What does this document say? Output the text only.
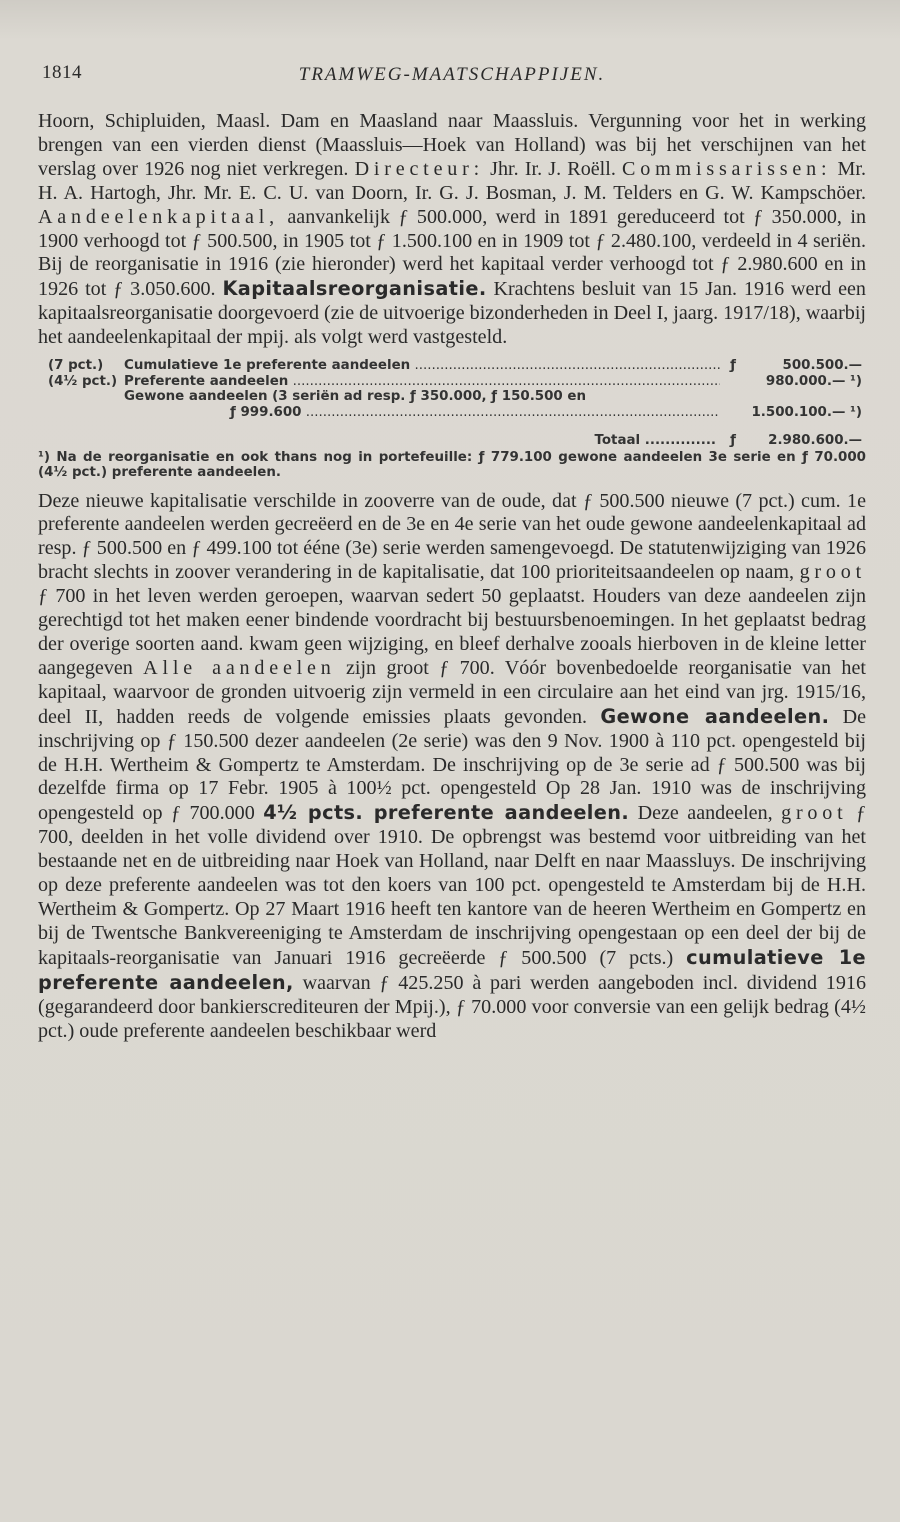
1814	TRAMWEG-MAATSCHAPPIJEN.

Hoorn, Schipluiden, Maasl. Dam en Maasland naar Maassluis. Vergunning voor het in werking brengen van een vierden dienst (Maassluis—Hoek van Holland) was bij het verschijnen van het verslag over 1926 nog niet verkregen. Directeur: Jhr. Ir. J. Roëll. Commissarissen: Mr. H. A. Hartogh, Jhr. Mr. E. C. U. van Doorn, Ir. G. J. Bosman, J. M. Telders en G. W. Kampschöer. Aandeelenkapitaal, aanvankelijk ƒ 500.000, werd in 1891 gereduceerd tot ƒ 350.000, in 1900 verhoogd tot ƒ 500.500, in 1905 tot ƒ 1.500.100 en in 1909 tot ƒ 2.480.100, verdeeld in 4 seriën. Bij de reorganisatie in 1916 (zie hieronder) werd het kapitaal verder verhoogd tot ƒ 2.980.600 en in 1926 tot ƒ 3.050.600. Kapitaalsreorganisatie. Krachtens besluit van 15 Jan. 1916 werd een kapitaalsreorganisatie doorgevoerd (zie de uitvoerige bizonderheden in Deel I, jaarg. 1917/18), waarbij het aandeelenkapitaal der mpij. als volgt werd vastgesteld.

(7 pct.)	Cumulatieve 1e preferente aandeelen .....	ƒ	500.500.—
(4½ pct.) Preferente aandeelen .....	980.000.— ¹)
Gewone aandeelen (3 seriën ad resp. ƒ 350.000, ƒ 150.500 en
ƒ 999.600 .....	1.500.100.— ¹)
Totaal ..............	ƒ	2.980.600.—

¹) Na de reorganisatie en ook thans nog in portefeuille: ƒ 779.100 gewone aandeelen 3e serie en ƒ 70.000 (4½ pct.) preferente aandeelen.

Deze nieuwe kapitalisatie verschilde in zooverre van de oude, dat ƒ 500.500 nieuwe (7 pct.) cum. 1e preferente aandeelen werden gecreëerd en de 3e en 4e serie van het oude gewone aandeelenkapitaal ad resp. ƒ 500.500 en ƒ 499.100 tot ééne (3e) serie werden samengevoegd. De statutenwijziging van 1926 bracht slechts in zoover verandering in de kapitalisatie, dat 100 prioriteitsaandeelen op naam, groot ƒ 700 in het leven werden geroepen, waarvan sedert 50 geplaatst. Houders van deze aandeelen zijn gerechtigd tot het maken eener bindende voordracht bij bestuursbenoemingen. In het geplaatst bedrag der overige soorten aand. kwam geen wijziging, en bleef derhalve zooals hierboven in de kleine letter aangegeven Alle aandeelen zijn groot ƒ 700. Vóór bovenbedoelde reorganisatie van het kapitaal, waarvoor de gronden uitvoerig zijn vermeld in een circulaire aan het eind van jrg. 1915/16, deel II, hadden reeds de volgende emissies plaats gevonden. Gewone aandeelen. De inschrijving op ƒ 150.500 dezer aandeelen (2e serie) was den 9 Nov. 1900 à 110 pct. opengesteld bij de H.H. Wertheim & Gompertz te Amsterdam. De inschrijving op de 3e serie ad ƒ 500.500 was bij dezelfde firma op 17 Febr. 1905 à 100½ pct. opengesteld Op 28 Jan. 1910 was de inschrijving opengesteld op ƒ 700.000 4½ pcts. preferente aandeelen. Deze aandeelen, groot ƒ 700, deelden in het volle dividend over 1910. De opbrengst was bestemd voor uitbreiding van het bestaande net en de uitbreiding naar Hoek van Holland, naar Delft en naar Maassluys. De inschrijving op deze preferente aandeelen was tot den koers van 100 pct. opengesteld te Amsterdam bij de H.H. Wertheim & Gompertz. Op 27 Maart 1916 heeft ten kantore van de heeren Wertheim en Gompertz en bij de Twentsche Bankvereeniging te Amsterdam de inschrijving opengestaan op een deel der bij de kapitaals-reorganisatie van Januari 1916 gecreëerde ƒ 500.500 (7 pcts.) cumulatieve 1e preferente aandeelen, waarvan ƒ 425.250 à pari werden aangeboden incl. dividend 1916 (gegarandeerd door bankierscrediteuren der Mpij.), ƒ 70.000 voor conversie van een gelijk bedrag (4½ pct.) oude preferente aandeelen beschikbaar werd
